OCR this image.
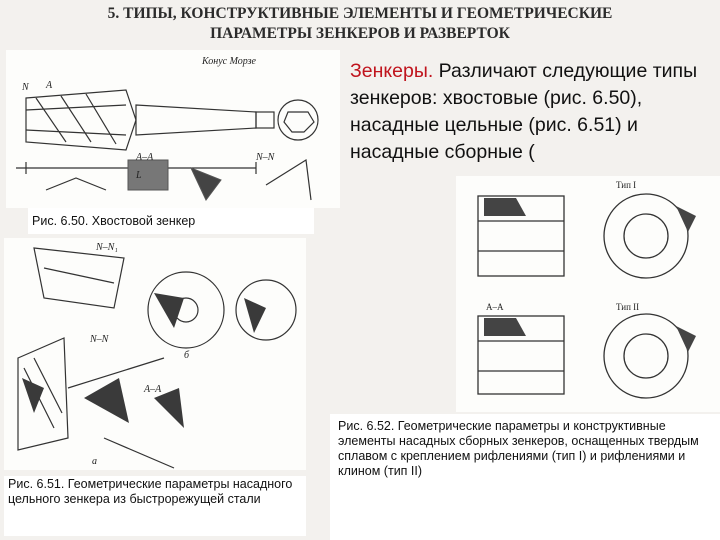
5. ТИПЫ, КОНСТРУКТИВНЫЕ ЭЛЕМЕНТЫ И ГЕОМЕТРИЧЕСКИЕ
ПАРАМЕТРЫ ЗЕНКЕРОВ И РАЗВЕРТОК
Конус Морзе
А–А	N–N
L
А
N
Рис. 6.50. Хвостовой зенкер
Зенкеры. Различают следующие типы зенкеров: хвостовые (рис. 6.50), насадные цельные (рис. 6.51) и насадные сборные (
Тип I
Тип II
А–А
N–N₁
N–N
А–А
б
а
Рис. 6.51. Геометрические параметры насадного цельного зенкера из быстрорежущей стали
Рис. 6.52. Геометрические параметры и конструктивные элементы насадных сборных зенкеров, оснащенных твердым сплавом с креплением рифлениями (тип I) и рифлениями и клином (тип II)
